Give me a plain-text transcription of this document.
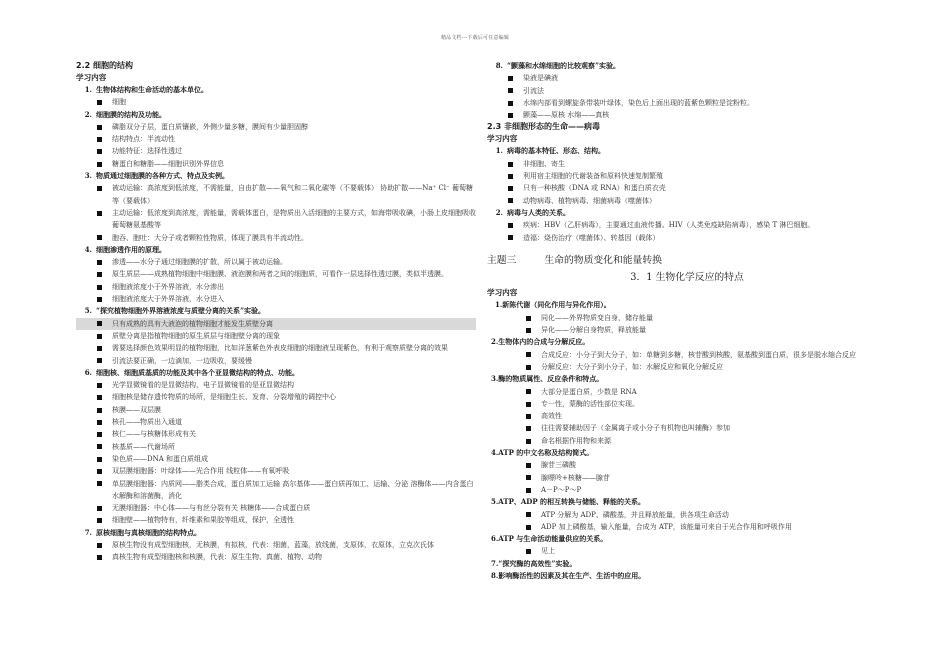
精品文档---下载后可任意编辑
2.2 细胞的结构
学习内容
1. 生物体结构和生命活动的基本单位。
细胞
2. 细胞膜的结构及功能。
磷脂双分子层，蛋白质镶嵌，外侧少量多糖，膜间有少量胆固醇
结构特点：半流动性
功能特征：选择性透过
糖蛋白和糖脂——细胞识别外界信息
3. 物质通过细胞膜的各种方式、特点及实例。
被动运输：高浓度到低浓度，不需能量，自由扩散——氧气和二氧化碳等（不要载体） 协助扩散——Na⁺ Cl⁻ 葡萄糖等（要载体）
主动运输：低浓度到高浓度，需能量，需载体蛋白，是物质出入活细胞的主要方式，如海带吸收碘，小肠上皮细胞吸收葡萄糖氨基酸等
胞吞、胞吐：大分子或者颗粒性物质，体现了膜具有半流动性。
4. 细胞渗透作用的原理。
渗透——水分子通过细胞膜的扩散，所以属于被动运输。
原生质层——成熟植物细胞中细胞膜、液泡膜和两者之间的细胞质，可看作一层选择性透过膜，类似半透膜。
细胞液浓度小于外界溶液，水分渗出
细胞液浓度大于外界溶液，水分进入
5. “探究植物细胞外界溶液浓度与质壁分离的关系”实验。
只有成熟的具有大液泡的植物细胞才能发生质壁分离
质壁分离是指植物细胞的原生质层与细胞壁分离的现象
需要选择颜色效果明显的植物细胞，比如洋葱紫色外表皮细胞的细胞液呈现紫色，有利于观察质壁分离的效果
引流法要正确，一边滴加，一边吸收，要缓慢
6. 细胞核、细胞质基质的功能及其中各个亚显微结构的特点、功能。
光学显微镜看的是显微结构，电子显微镜看的是亚显微结构
细胞核是储存遗传物质的场所，是细胞生长、发育、分裂增殖的调控中心
核膜——双层膜
核孔——物质出入通道
核仁——与核糖体形成有关
核基质——代谢场所
染色质——DNA 和蛋白质组成
双层膜细胞器：叶绿体——光合作用 线粒体——有氧呼吸
单层膜细胞器：内质网——脂类合成，蛋白质加工运输 高尔基体——蛋白质再加工、运输、分泌 溶酶体——内含蛋白水解酶和溶菌酶，消化
无膜细胞器：中心体——与有丝分裂有关 核糖体——合成蛋白质
细胞壁——植物特有，纤维素和果胶等组成，保护，全透性
7. 原核细胞与真核细胞的结构特点。
原核生物没有成型细胞核，无核膜，有拟核，代表：细菌，蓝藻，放线菌，支原体，衣原体，立克次氏体
真核生物有成型细胞核和核膜，代表：原生生物、真菌、植物、动物
8. “颤藻和水绵细胞的比较观察”实验。
染液是碘液
引流法
水绵内部看到螺旋条带装叶绿体，染色后上面出现的蓝紫色颗粒是淀粉粒。
颤藻——原核 水绵——真核
2.3 非细胞形态的生命——病毒
学习内容
1. 病毒的基本特征、形态、结构。
非细胞、寄生
利用宿主细胞的代谢装备和原料快速复制繁殖
只有一种核酸（DNA 或 RNA）和蛋白质衣壳
动物病毒、植物病毒、细菌病毒（噬菌体）
2. 病毒与人类的关系。
疾病：HBV（乙肝病毒），主要通过血液传播。HIV（人类免疫缺陷病毒），感染 T 淋巴细胞。
造福：烧伤治疗（噬菌体）、转基因（载体）
主题三	生命的物质变化和能量转换
3．1 生物化学反应的特点
学习内容
1.新陈代谢（同化作用与异化作用）。
同化——外界物质变自身，储存能量
异化——分解自身物质，释放能量
2.生物体内的合成与分解反应。
合成反应：小分子到大分子，如：单糖到多糖，核苷酸到核酸，氨基酸到蛋白质，很多是脱水缩合反应
分解反应：大分子到小分子，如：水解反应和氧化分解反应
3.酶的物质属性、反应条件和特点。
大部分是蛋白质，少数是 RNA
专一性，蒙酶的活性部位实现。
高效性
往往需要辅助因子（金属离子或小分子有机物也叫辅酶）参加
命名根据作用物和来源
4.ATP 的中文名称及结构简式。
腺苷三磷酸
腺嘌呤+核糖——腺苷
A－P～P～P
5.ATP、ADP 的相互转换与储能、释能的关系。
ATP 分解为 ADP、磷酸基，并且释放能量，供各项生命活动
ADP 加上磷酸基，输入能量，合成为 ATP，该能量可来自于光合作用和呼吸作用
6.ATP 与生命活动能量供应的关系。
见上
7.“探究酶的高效性”实验。
8.影响酶活性的因素及其在生产、生活中的应用。
